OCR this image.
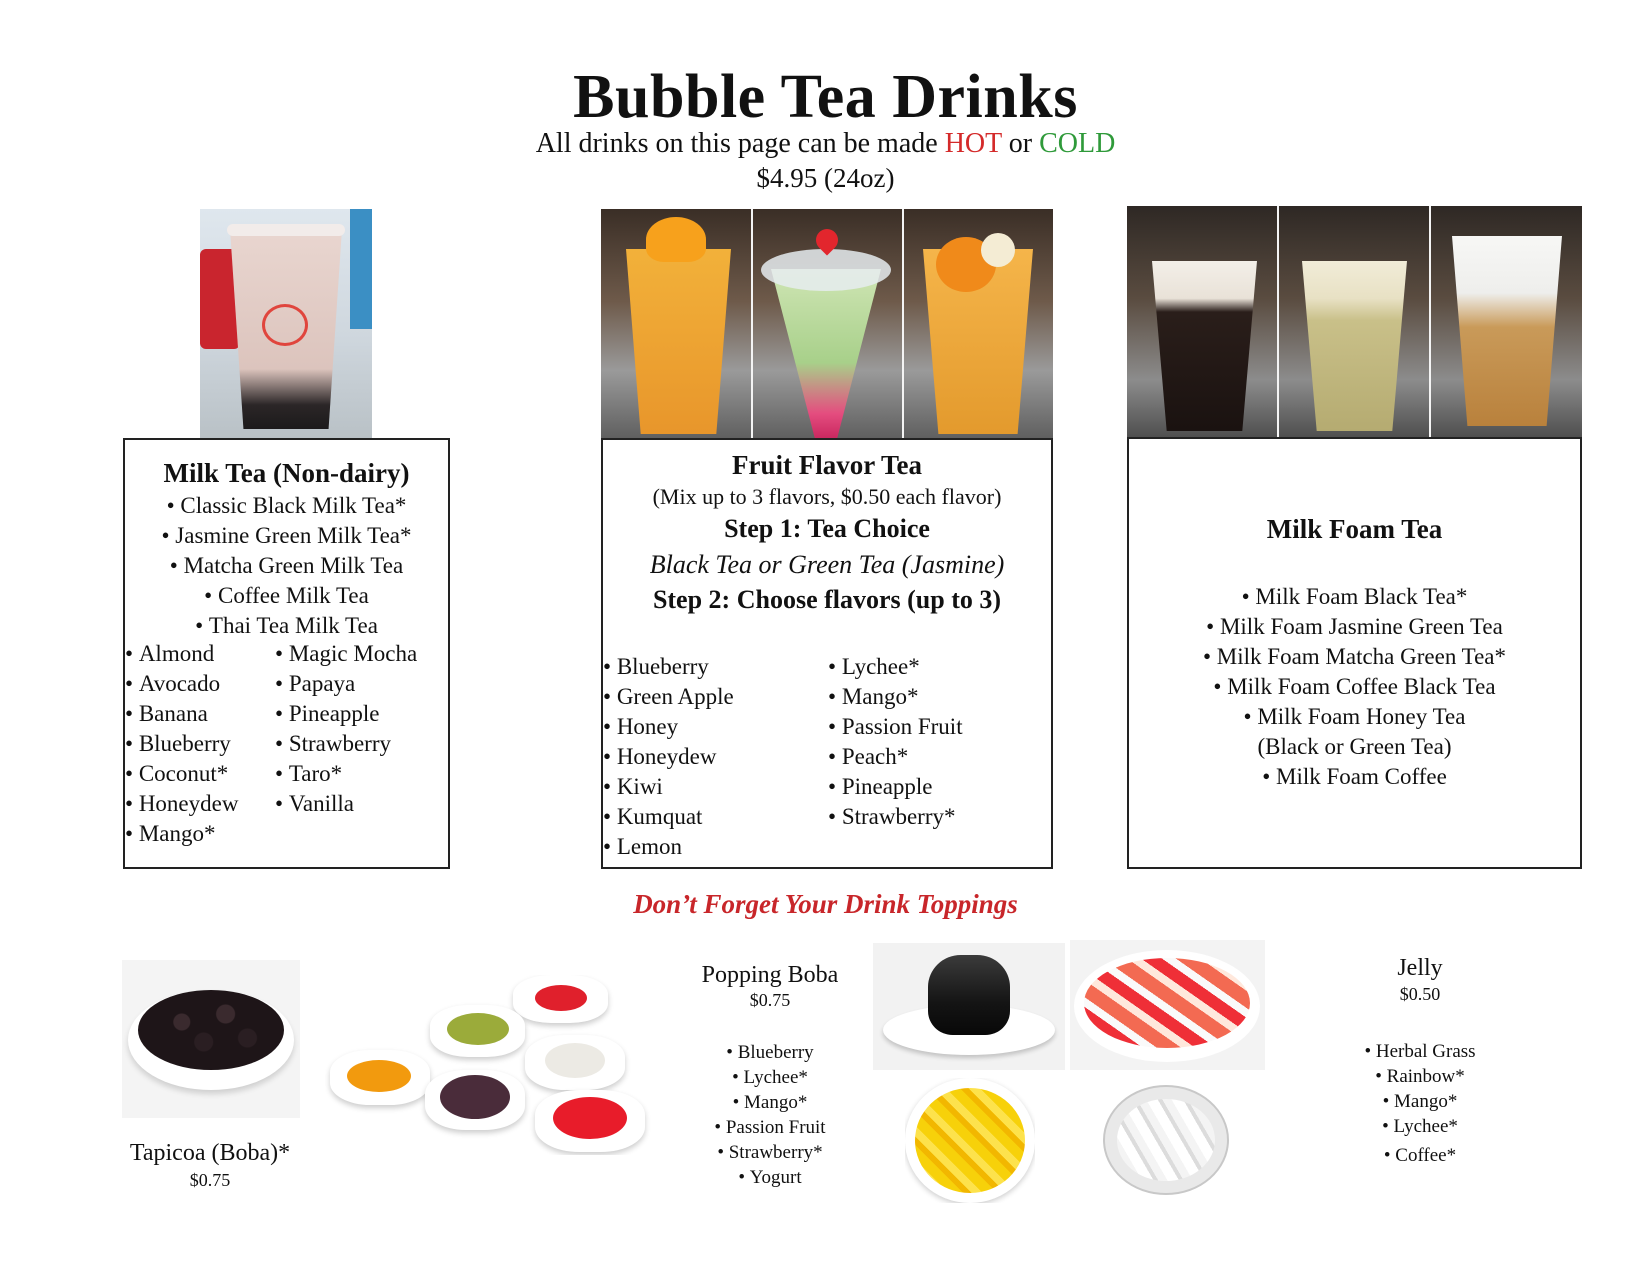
Bubble Tea Drinks
All drinks on this page can be made HOT or COLD
$4.95 (24oz)
Milk Tea (Non-dairy)
• Classic Black Milk Tea*
• Jasmine Green Milk Tea*
• Matcha Green Milk Tea
• Coffee Milk Tea
• Thai Tea Milk Tea
• Almond
• Avocado
• Banana
• Blueberry
• Coconut*
• Honeydew
• Mango*
• Magic Mocha
• Papaya
• Pineapple
• Strawberry
• Taro*
• Vanilla
Fruit Flavor Tea
(Mix up to 3 flavors, $0.50 each flavor)
Step 1: Tea Choice
Black Tea or Green Tea (Jasmine)
Step 2: Choose flavors (up to 3)
• Blueberry
• Green Apple
• Honey
• Honeydew
• Kiwi
• Kumquat
• Lemon
• Lychee*
• Mango*
• Passion Fruit
• Peach*
• Pineapple
• Strawberry*
Milk Foam Tea
• Milk Foam Black Tea*
• Milk Foam Jasmine Green Tea
• Milk Foam Matcha Green Tea*
• Milk Foam Coffee Black Tea
• Milk Foam Honey Tea
(Black or Green Tea)
• Milk Foam Coffee
Don’t Forget Your Drink Toppings
Tapicoa (Boba)*
$0.75
Popping Boba
$0.75
• Blueberry
• Lychee*
• Mango*
• Passion Fruit
• Strawberry*
• Yogurt
Jelly
$0.50
• Herbal Grass
• Rainbow*
• Mango*
• Lychee*
• Coffee*
